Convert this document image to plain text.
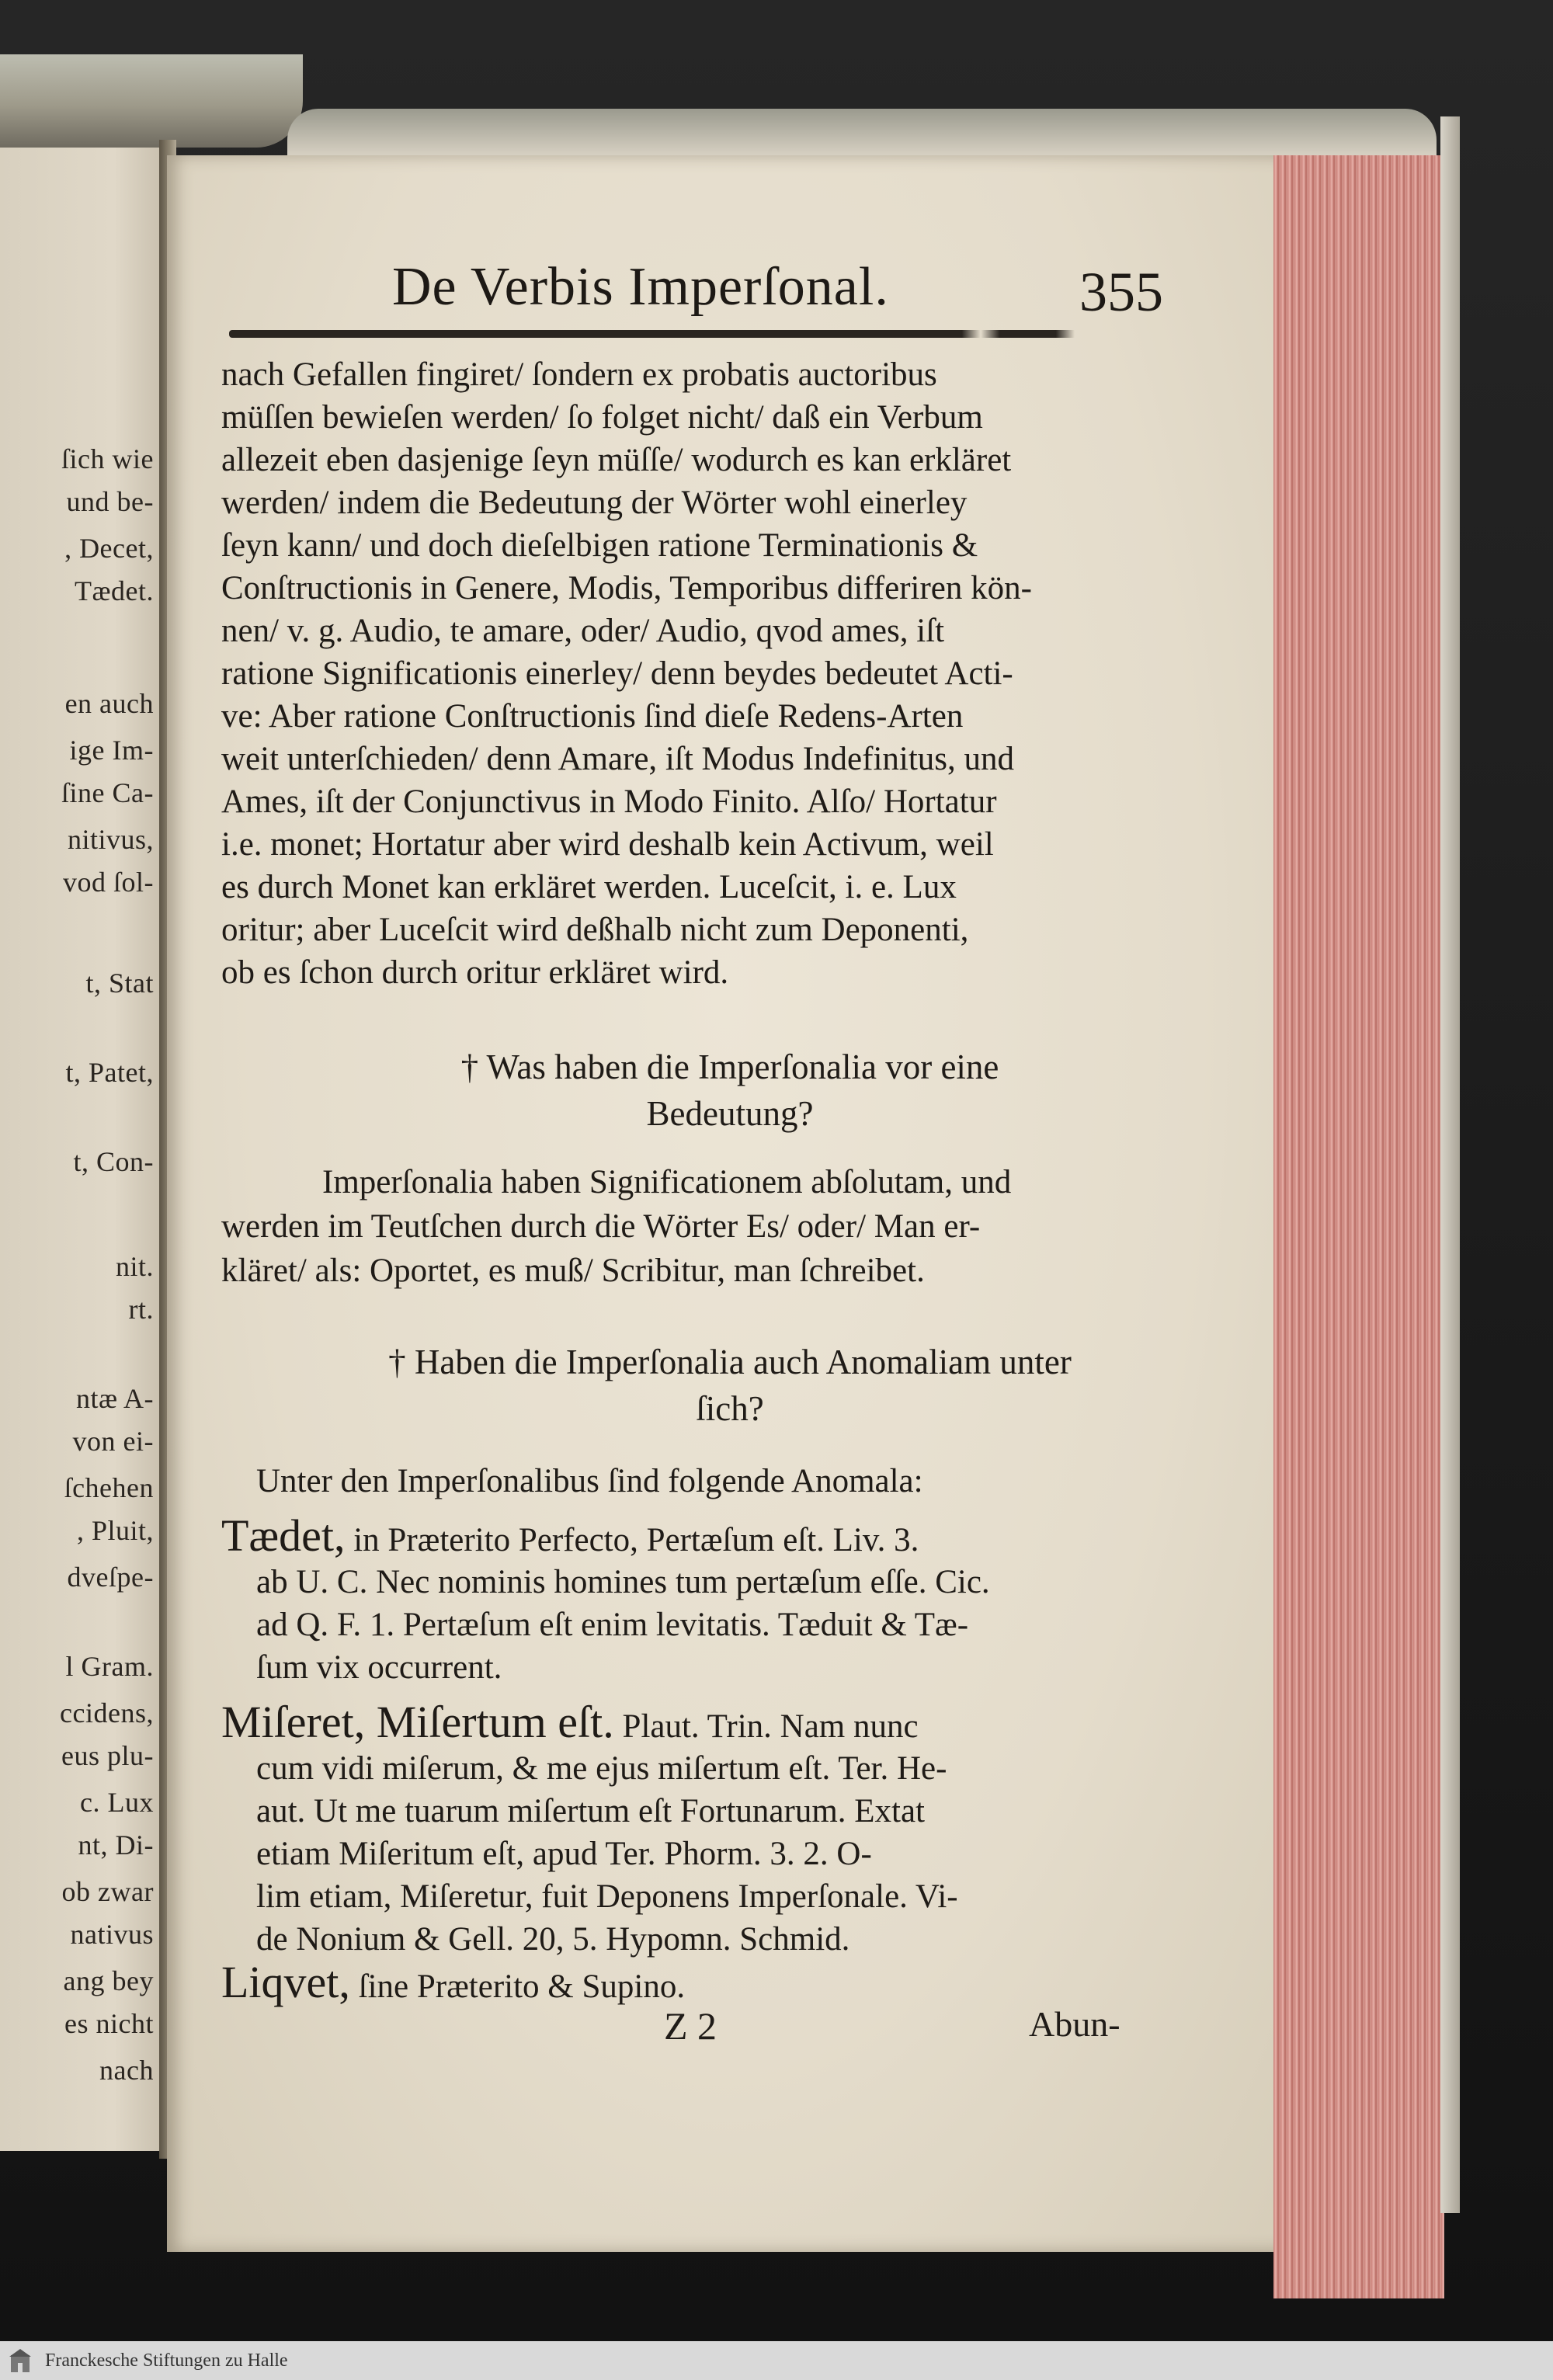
ſich wie
und be-
, Decet,
Tædet.
en auch
ige Im-
ſine Ca-
nitivus,
vod ſol-
t, Stat
t, Patet,
t, Con-
nit.
rt.
ntæ A-
von ei-
ſchehen
, Pluit,
dveſpe-
l Gram.
ccidens,
eus plu-
c. Lux
nt, Di-
ob zwar
nativus
ang bey
es nicht
nach
De Verbis Imperſonal.	355
nach Gefallen fingiret/ ſondern ex probatis auctoribus
müſſen bewieſen werden/ ſo folget nicht/ daß ein Verbum
allezeit eben dasjenige ſeyn müſſe/ wodurch es kan erkläret
werden/ indem die Bedeutung der Wörter wohl einerley
ſeyn kann/ und doch dieſelbigen ratione Terminationis &
Conſtructionis in Genere, Modis, Temporibus differiren kön-
nen/ v. g. Audio, te amare, oder/ Audio, qvod ames, iſt
ratione Significationis einerley/ denn beydes bedeutet Acti-
ve: Aber ratione Conſtructionis ſind dieſe Redens-Arten
weit unterſchieden/ denn Amare, iſt Modus Indefinitus, und
Ames, iſt der Conjunctivus in Modo Finito. Alſo/ Hortatur
i.e. monet; Hortatur aber wird deshalb kein Activum, weil
es durch Monet kan erkläret werden. Luceſcit, i. e. Lux
oritur; aber Luceſcit wird deßhalb nicht zum Deponenti,
ob es ſchon durch oritur erkläret wird.
† Was haben die Imperſonalia vor eine
Bedeutung?
Imperſonalia haben Significationem abſolutam, und
werden im Teutſchen durch die Wörter Es/ oder/ Man er-
kläret/ als: Oportet, es muß/ Scribitur, man ſchreibet.
† Haben die Imperſonalia auch Anomaliam unter
ſich?
Unter den Imperſonalibus ſind folgende Anomala:
Tædet, in Præterito Perfecto, Pertæſum eſt. Liv. 3.
ab U. C. Nec nominis homines tum pertæſum eſſe. Cic.
ad Q. F. 1. Pertæſum eſt enim levitatis. Tæduit & Tæ-
ſum vix occurrent.
Miſeret, Miſertum eſt. Plaut. Trin. Nam nunc
cum vidi miſerum, & me ejus miſertum eſt. Ter. He-
aut. Ut me tuarum miſertum eſt Fortunarum. Extat
etiam Miſeritum eſt, apud Ter. Phorm. 3. 2. O-
lim etiam, Miſeretur, fuit Deponens Imperſonale. Vi-
de Nonium & Gell. 20, 5. Hypomn. Schmid.
Liqvet, ſine Præterito & Supino.
Z 2	Abun-
Franckesche Stiftungen zu Halle
